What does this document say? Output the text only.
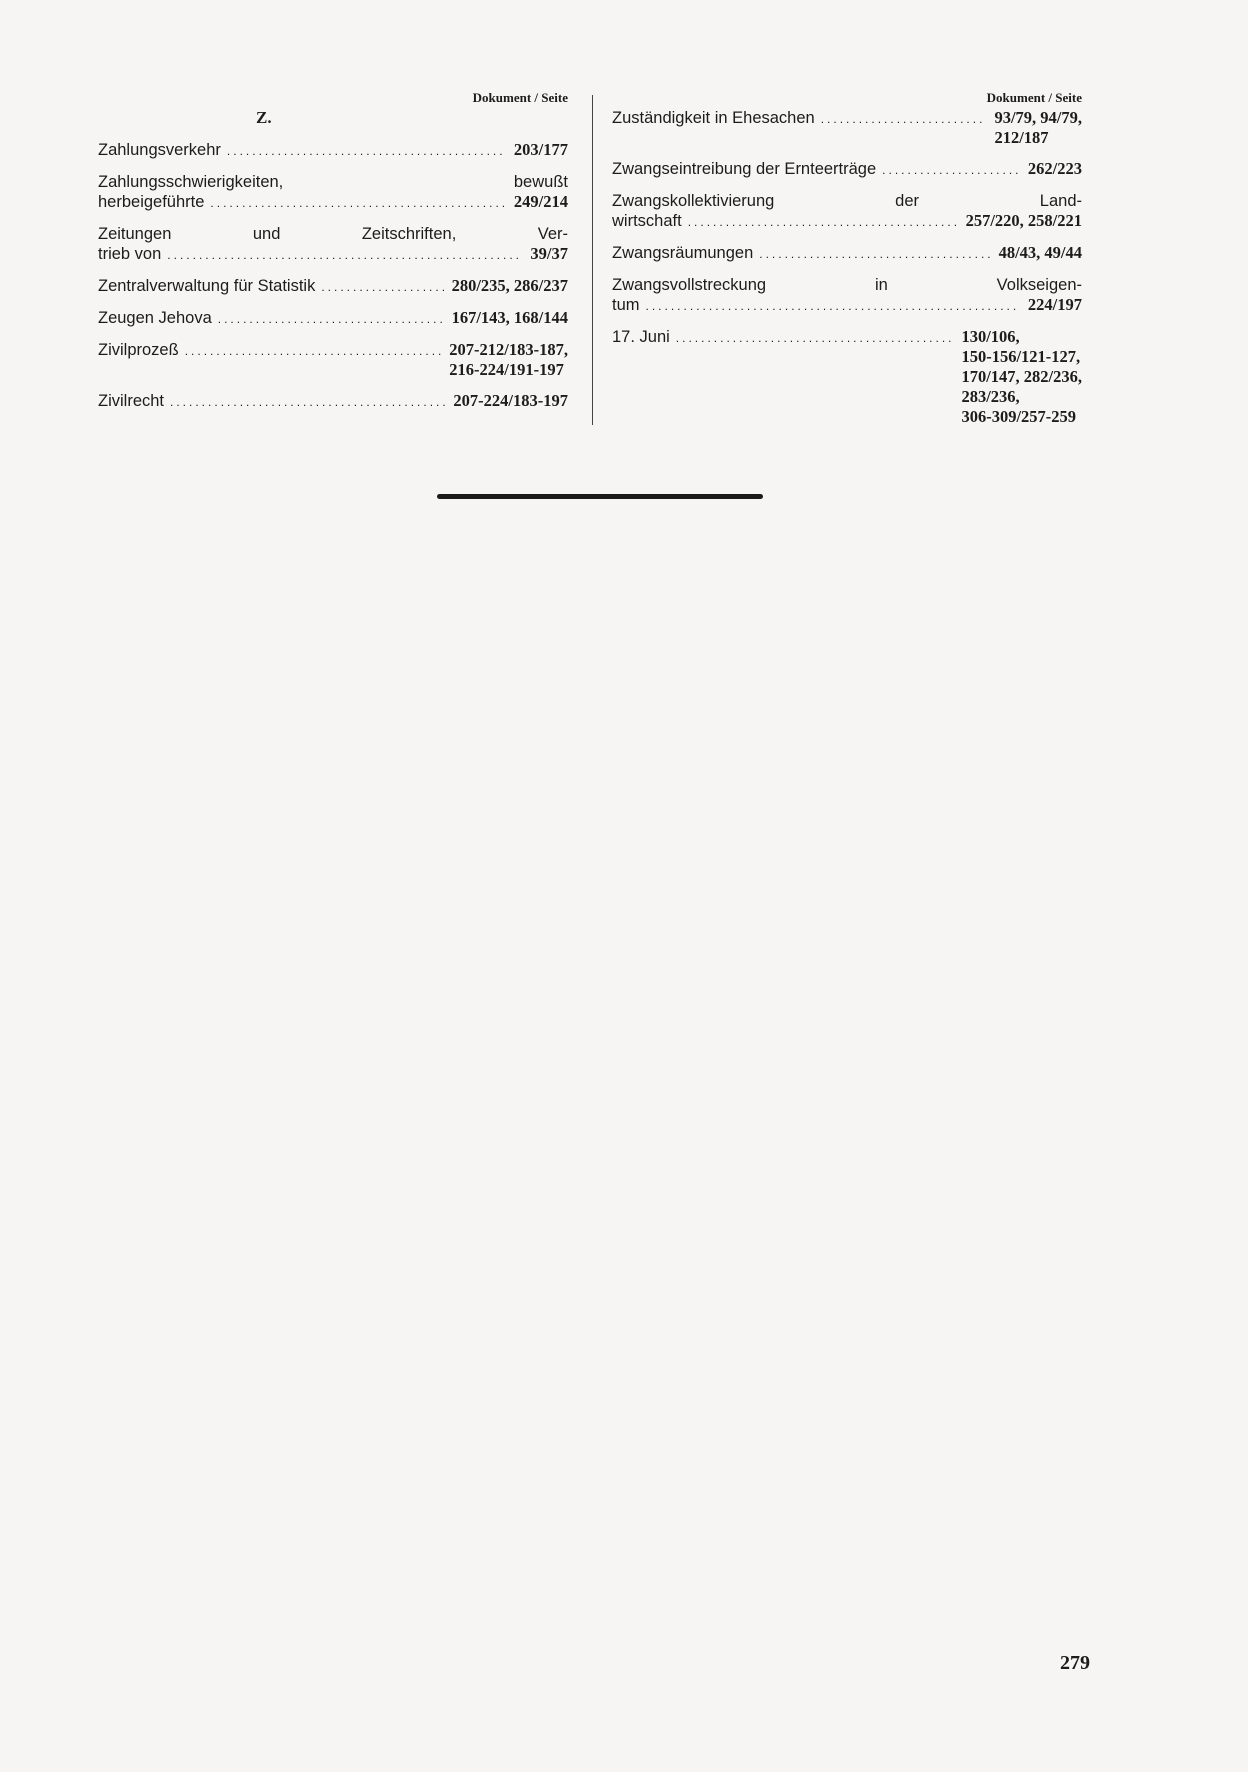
Dokument / Seite
Z.
Zahlungsverkehr .....	203/177
Zahlungsschwierigkeiten, bewußt
herbeigeführte .....	249/214
Zeitungen und Zeitschriften, Ver-
trieb von .....	39/37
Zentralverwaltung für Statistik .....	280/235, 286/237
Zeugen Jehova .....	167/143, 168/144
Zivilprozeß .....	207-212/183-187,
216-224/191-197
Zivilrecht .....	207-224/183-197
Dokument / Seite
Zuständigkeit in Ehesachen .....	93/79, 94/79,
212/187
Zwangseintreibung der Ernteerträge .....	262/223
Zwangskollektivierung der Land-
wirtschaft .....	257/220, 258/221
Zwangsräumungen .....	48/43, 49/44
Zwangsvollstreckung in Volkseigen-
tum .....	224/197
17. Juni .....	130/106,
150-156/121-127,
170/147, 282/236,
283/236,
306-309/257-259
279
